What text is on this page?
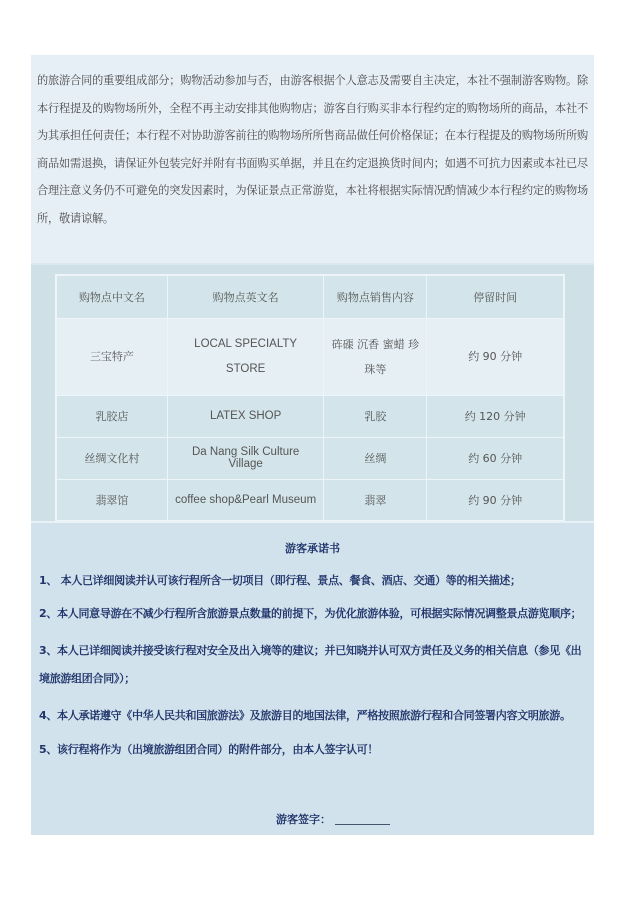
的旅游合同的重要组成部分；购物活动参加与否，由游客根据个人意志及需要自主决定，本社不强制游客购物。除本行程提及的购物场所外，全程不再主动安排其他购物店；游客自行购买非本行程约定的购物场所的商品，本社不为其承担任何责任；本行程不对协助游客前往的购物场所所售商品做任何价格保证；在本行程提及的购物场所所购商品如需退换，请保证外包装完好并附有书面购买单据，并且在约定退换货时间内；如遇不可抗力因素或本社已尽合理注意义务仍不可避免的突发因素时，为保证景点正常游览，本社将根据实际情况酌情减少本行程约定的购物场所，敬请谅解。

购物点中文名	购物点英文名	购物点销售内容	停留时间
三宝特产	LOCAL SPECIALTY STORE	砗磲 沉香 蜜蜡 珍珠等	约 90 分钟
乳胶店	LATEX SHOP	乳胶	约 120 分钟
丝绸文化村	Da Nang Silk Culture Village	丝绸	约 60 分钟
翡翠馆	coffee shop&Pearl Museum	翡翠	约 90 分钟
游客承诺书
1、 本人已详细阅读并认可该行程所含一切项目（即行程、景点、餐食、酒店、交通）等的相关描述；
2、本人同意导游在不减少行程所含旅游景点数量的前提下，为优化旅游体验，可根据实际情况调整景点游览顺序；
3、本人已详细阅读并接受该行程对安全及出入境等的建议；并已知晓并认可双方责任及义务的相关信息（参见《出境旅游组团合同》）；
4、本人承诺遵守《中华人民共和国旅游法》及旅游目的地国法律，严格按照旅游行程和合同签署内容文明旅游。
5、该行程将作为（出境旅游组团合同）的附件部分，由本人签字认可！
游客签字：
